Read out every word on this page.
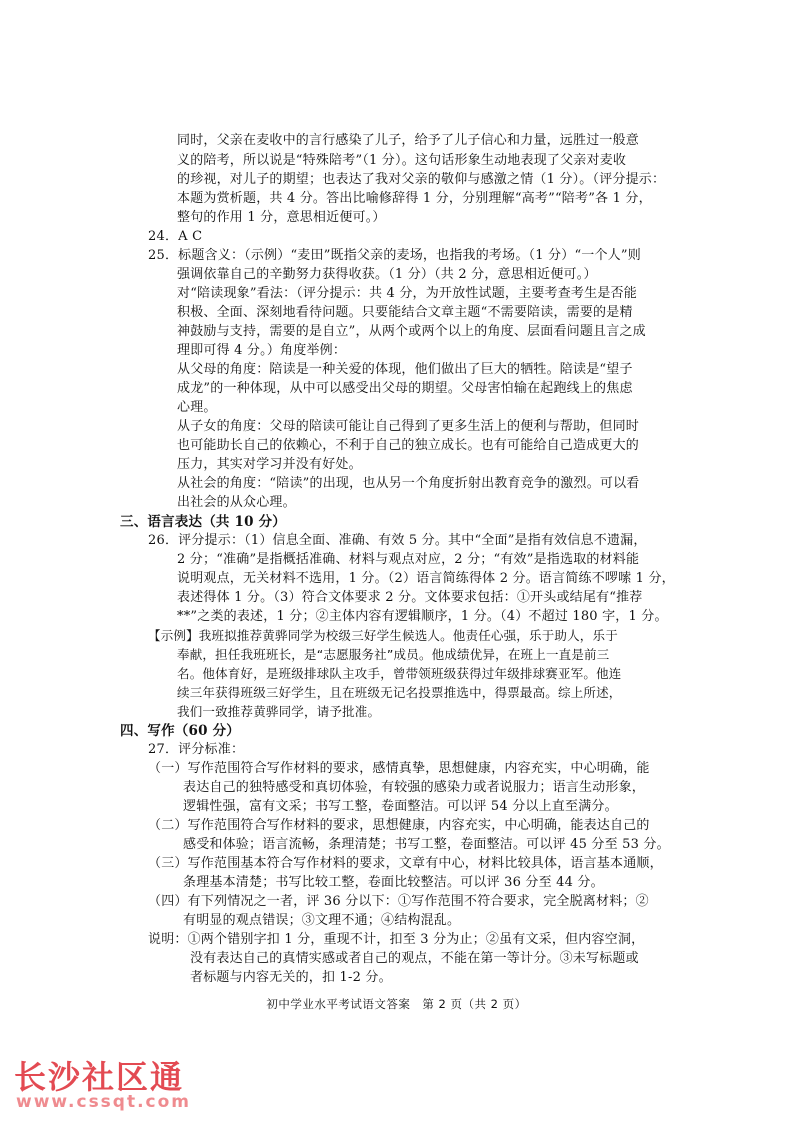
同时，父亲在麦收中的言行感染了儿子，给予了儿子信心和力量，远胜过一般意
义的陪考，所以说是“特殊陪考”（1 分）。这句话形象生动地表现了父亲对麦收
的珍视，对儿子的期望；也表达了我对父亲的敬仰与感激之情（1 分）。（评分提示：
本题为赏析题，共 4 分。答出比喻修辞得 1 分，分别理解“高考”“陪考”各 1 分，
整句的作用 1 分，意思相近便可。）
24．A C
25．标题含义：（示例）“麦田”既指父亲的麦场，也指我的考场。（1 分）“一个人”则
强调依靠自己的辛勤努力获得收获。（1 分）（共 2 分，意思相近便可。）
对“陪读现象”看法：（评分提示：共 4 分，为开放性试题，主要考查考生是否能
积极、全面、深刻地看待问题。只要能结合文章主题“不需要陪读，需要的是精
神鼓励与支持，需要的是自立”，从两个或两个以上的角度、层面看问题且言之成
理即可得 4 分。）角度举例：
从父母的角度：陪读是一种关爱的体现，他们做出了巨大的牺牲。陪读是“望子
成龙”的一种体现，从中可以感受出父母的期望。父母害怕输在起跑线上的焦虑
心理。
从子女的角度：父母的陪读可能让自己得到了更多生活上的便利与帮助，但同时
也可能助长自己的依赖心，不利于自己的独立成长。也有可能给自己造成更大的
压力，其实对学习并没有好处。
从社会的角度：“陪读”的出现，也从另一个角度折射出教育竞争的激烈。可以看
出社会的从众心理。
三、语言表达（共 10 分）
26．评分提示：（1）信息全面、准确、有效 5 分。其中“全面”是指有效信息不遗漏，
2 分；“准确”是指概括准确、材料与观点对应，2 分；“有效”是指选取的材料能
说明观点，无关材料不选用，1 分。（2）语言简练得体 2 分。语言简练不啰嗦 1 分，
表述得体 1 分。（3）符合文体要求 2 分。文体要求包括：①开头或结尾有“推荐
**”之类的表述，1 分；②主体内容有逻辑顺序，1 分。（4）不超过 180 字，1 分。
【示例】我班拟推荐黄骅同学为校级三好学生候选人。他责任心强，乐于助人，乐于
奉献，担任我班班长，是“志愿服务社”成员。他成绩优异，在班上一直是前三
名。他体育好，是班级排球队主攻手，曾带领班级获得过年级排球赛亚军。他连
续三年获得班级三好学生，且在班级无记名投票推选中，得票最高。综上所述，
我们一致推荐黄骅同学，请予批准。
四、写作（60 分）
27．评分标准：
（一）写作范围符合写作材料的要求，感情真挚，思想健康，内容充实，中心明确，能
表达自己的独特感受和真切体验，有较强的感染力或者说服力；语言生动形象，
逻辑性强，富有文采；书写工整，卷面整洁。可以评 54 分以上直至满分。
（二）写作范围符合写作材料的要求，思想健康，内容充实，中心明确，能表达自己的
感受和体验；语言流畅，条理清楚；书写工整，卷面整洁。可以评 45 分至 53 分。
（三）写作范围基本符合写作材料的要求，文章有中心，材料比较具体，语言基本通顺，
条理基本清楚；书写比较工整，卷面比较整洁。可以评 36 分至 44 分。
（四）有下列情况之一者，评 36 分以下：①写作范围不符合要求，完全脱离材料；②
有明显的观点错误；③文理不通；④结构混乱。
说明：①两个错别字扣 1 分，重现不计，扣至 3 分为止；②虽有文采，但内容空洞，
没有表达自己的真情实感或者自己的观点，不能在第一等计分。③未写标题或
者标题与内容无关的，扣 1-2 分。
初中学业水平考试语文答案　第 2 页（共 2 页）
长沙社区通
www.cssqt.com
